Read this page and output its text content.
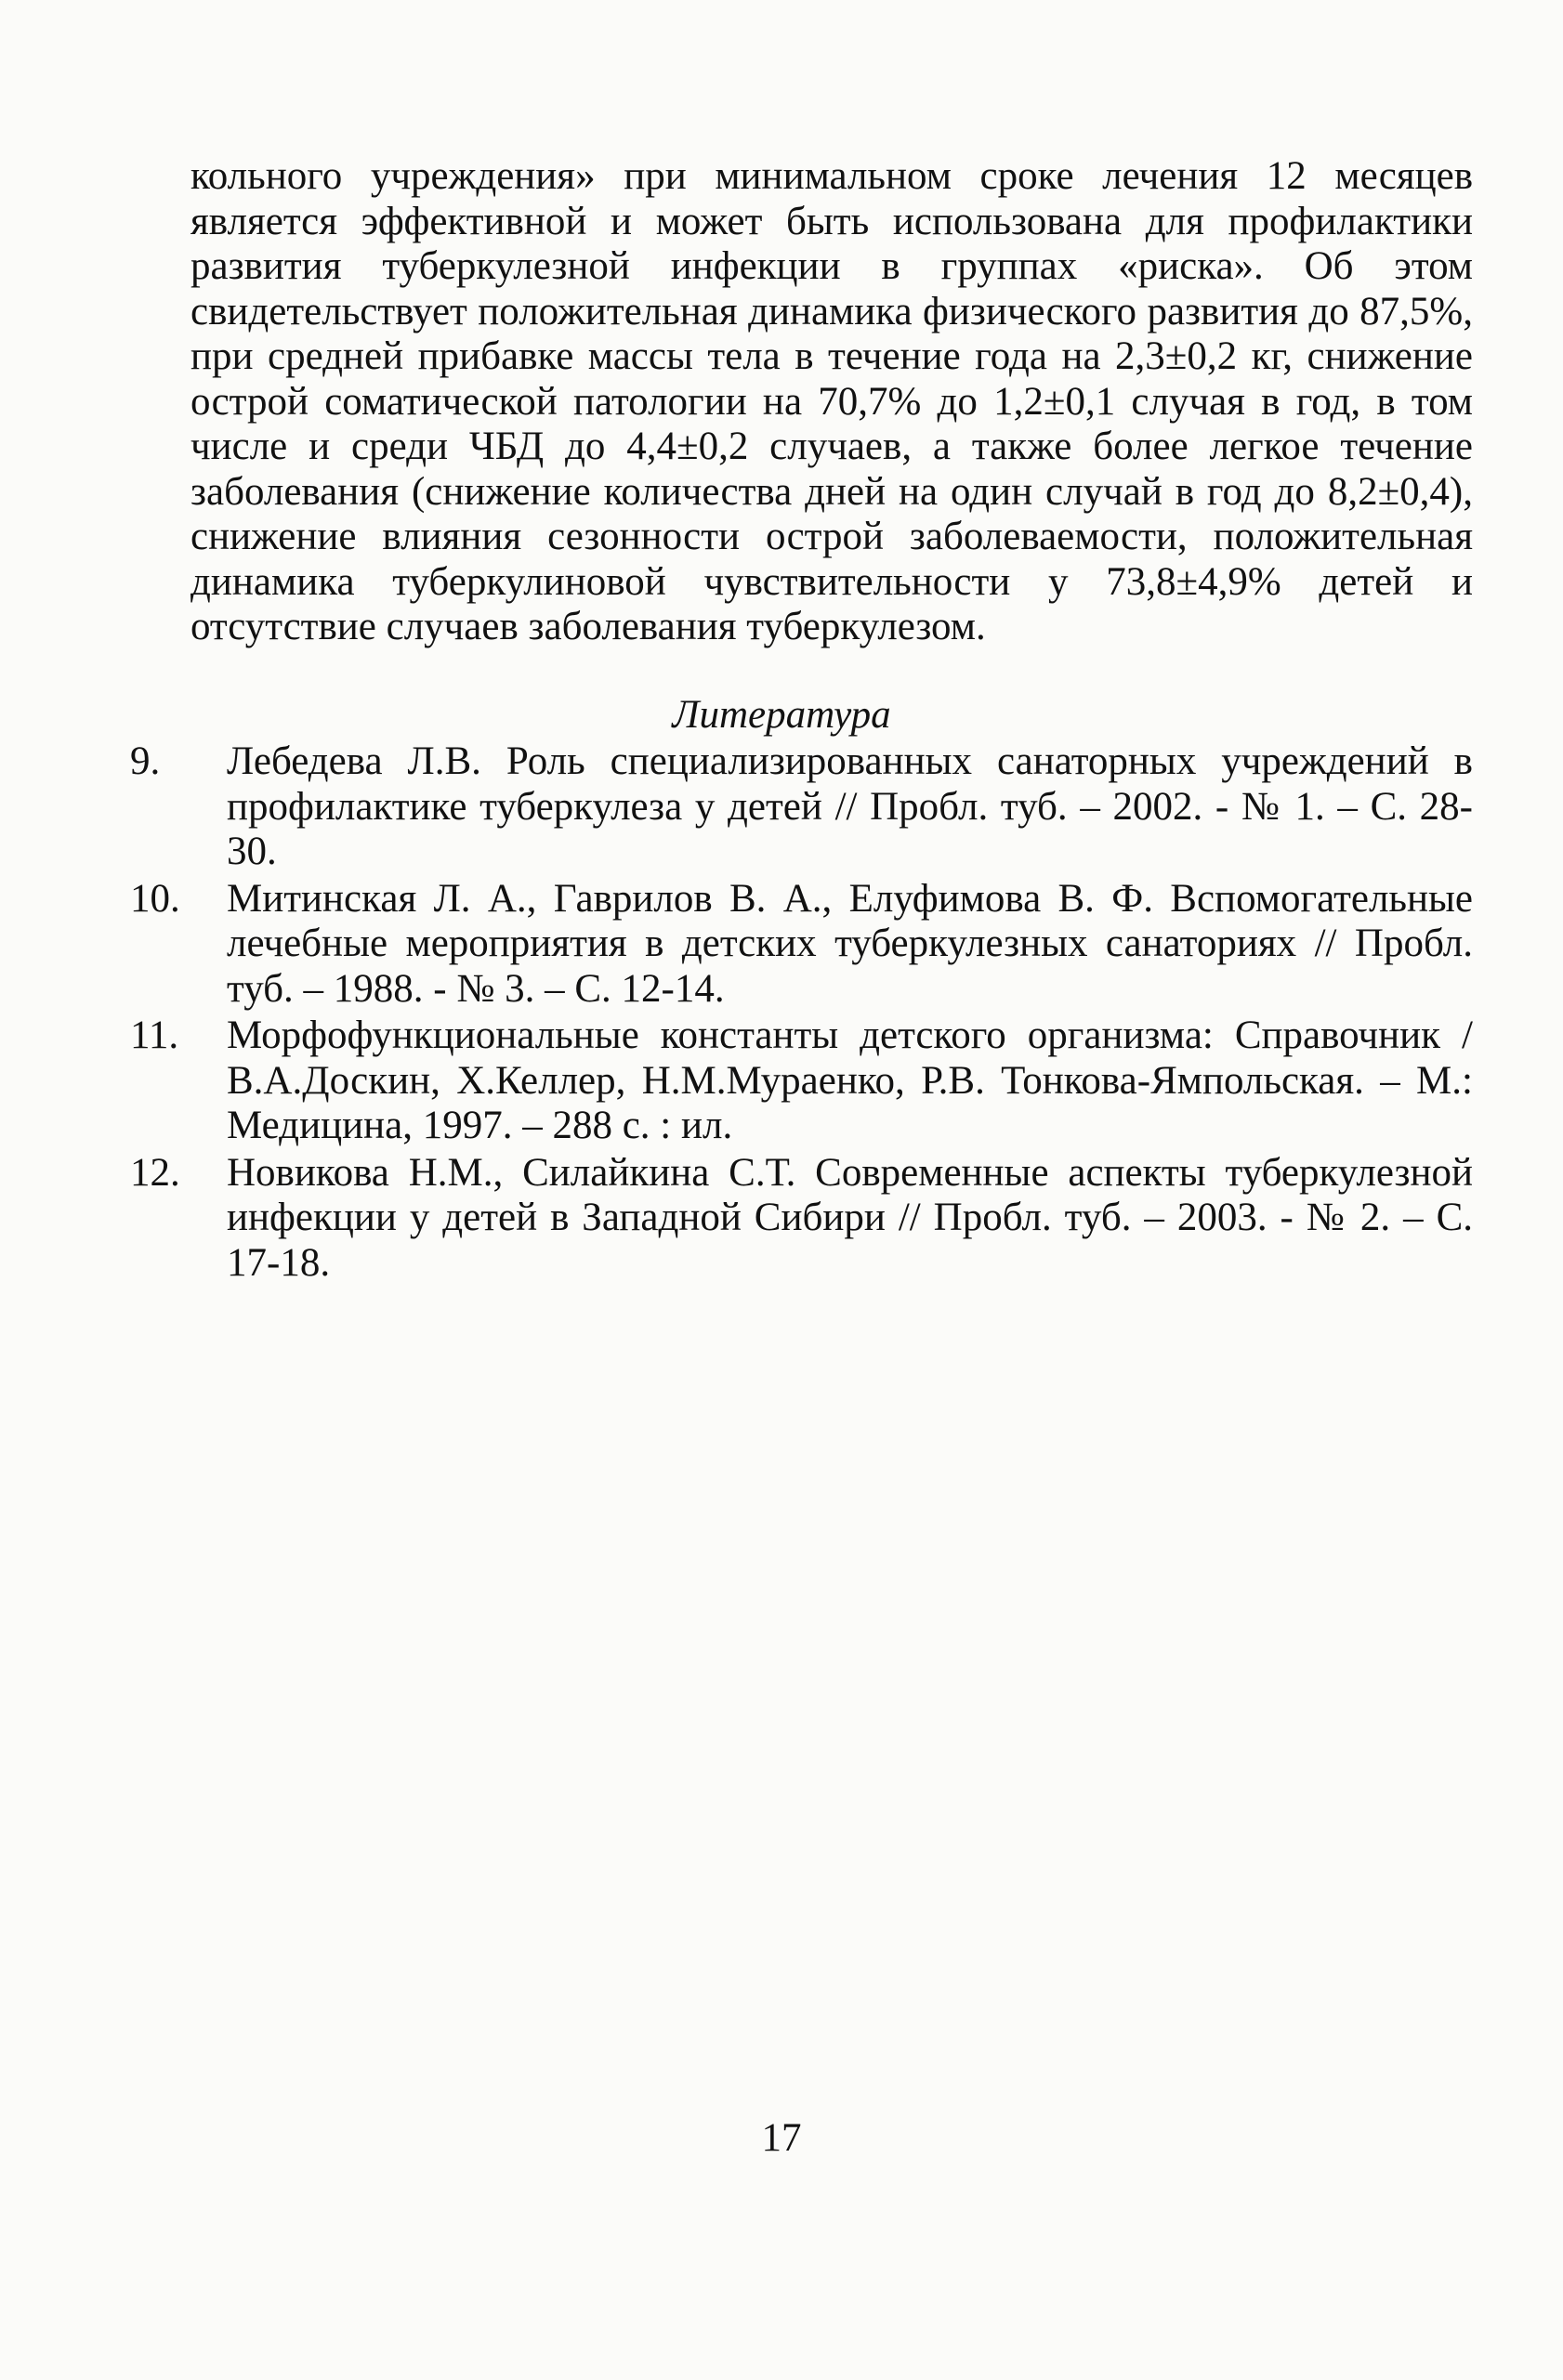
кольного учреждения» при минимальном сроке лечения 12 месяцев является эффективной и может быть использована для профилактики развития туберкулезной инфекции в группах «риска». Об этом свидетельствует положительная динамика физического развития до 87,5%, при средней прибавке массы тела в течение года на 2,3±0,2 кг, снижение острой соматической патологии на 70,7% до 1,2±0,1 случая в год, в том числе и среди ЧБД до 4,4±0,2 случаев, а также более легкое течение заболевания (снижение количества дней на один случай в год до 8,2±0,4), снижение влияния сезонности острой заболеваемости, положительная динамика туберкулиновой чувствительности у 73,8±4,9% детей и отсутствие случаев заболевания туберкулезом.

Литература
9.	Лебедева Л.В. Роль специализированных санаторных учреждений в профилактике туберкулеза у детей // Пробл. туб. – 2002. - № 1. – С. 28-30.
10.	Митинская Л. А., Гаврилов В. А., Елуфимова В. Ф. Вспомогательные лечебные мероприятия в детских туберкулезных санаториях // Пробл. туб. – 1988. - № 3. – С. 12-14.
11.	Морфофункциональные константы детского организма: Справочник / В.А.Доскин, Х.Келлер, Н.М.Мураенко, Р.В. Тонкова-Ямпольская. – М.: Медицина, 1997. – 288 с. : ил.
12.	Новикова Н.М., Силайкина С.Т. Современные аспекты туберкулезной инфекции у детей в Западной Сибири // Пробл. туб. – 2003. - № 2. – С. 17-18.
17
